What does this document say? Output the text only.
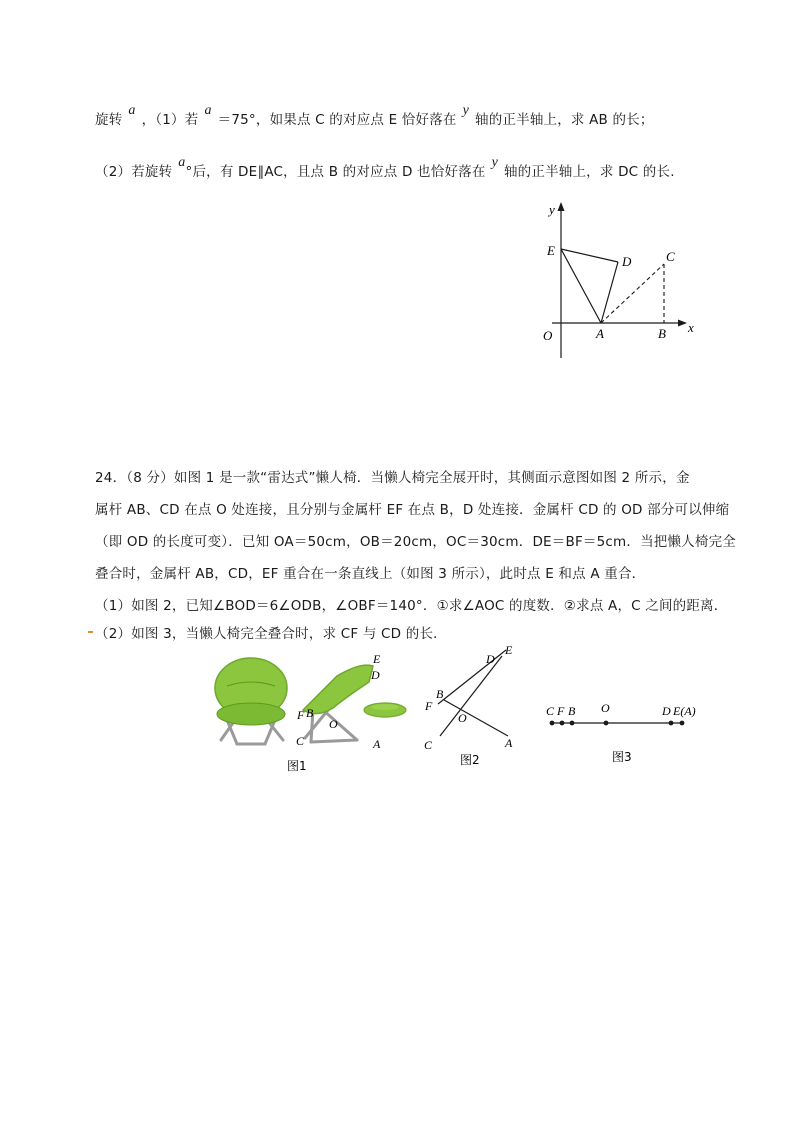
旋转a，（1）若a＝75°，如果点 C 的对应点 E 恰好落在y轴的正半轴上，求 AB 的长；
（2）若旋转a°后，有 DE∥AC，且点 B 的对应点 D 也恰好落在y轴的正半轴上，求 DC 的长.
y
x
O
E
D	C
A	B
24．（8 分）如图 1 是一款“雷达式”懒人椅．当懒人椅完全展开时，其侧面示意图如图 2 所示，金
属杆 AB、CD 在点 O 处连接，且分别与金属杆 EF 在点 B，D 处连接．金属杆 CD 的 OD 部分可以伸缩
（即 OD 的长度可变）．已知 OA＝50cm，OB＝20cm，OC＝30cm．DE＝BF＝5cm．当把懒人椅完全
叠合时，金属杆 AB，CD，EF 重合在一条直线上（如图 3 所示），此时点 E 和点 A 重合．
（1）如图 2，已知∠BOD＝6∠ODB，∠OBF＝140°．①求∠AOC 的度数．②求点 A，C 之间的距离．
（2）如图 3，当懒人椅完全叠合时，求 CF 与 CD 的长．
E
D
F B
O
C	A
图1
D
E
B
F
O
C	A
图2
C F B O	D E(A)
图3
